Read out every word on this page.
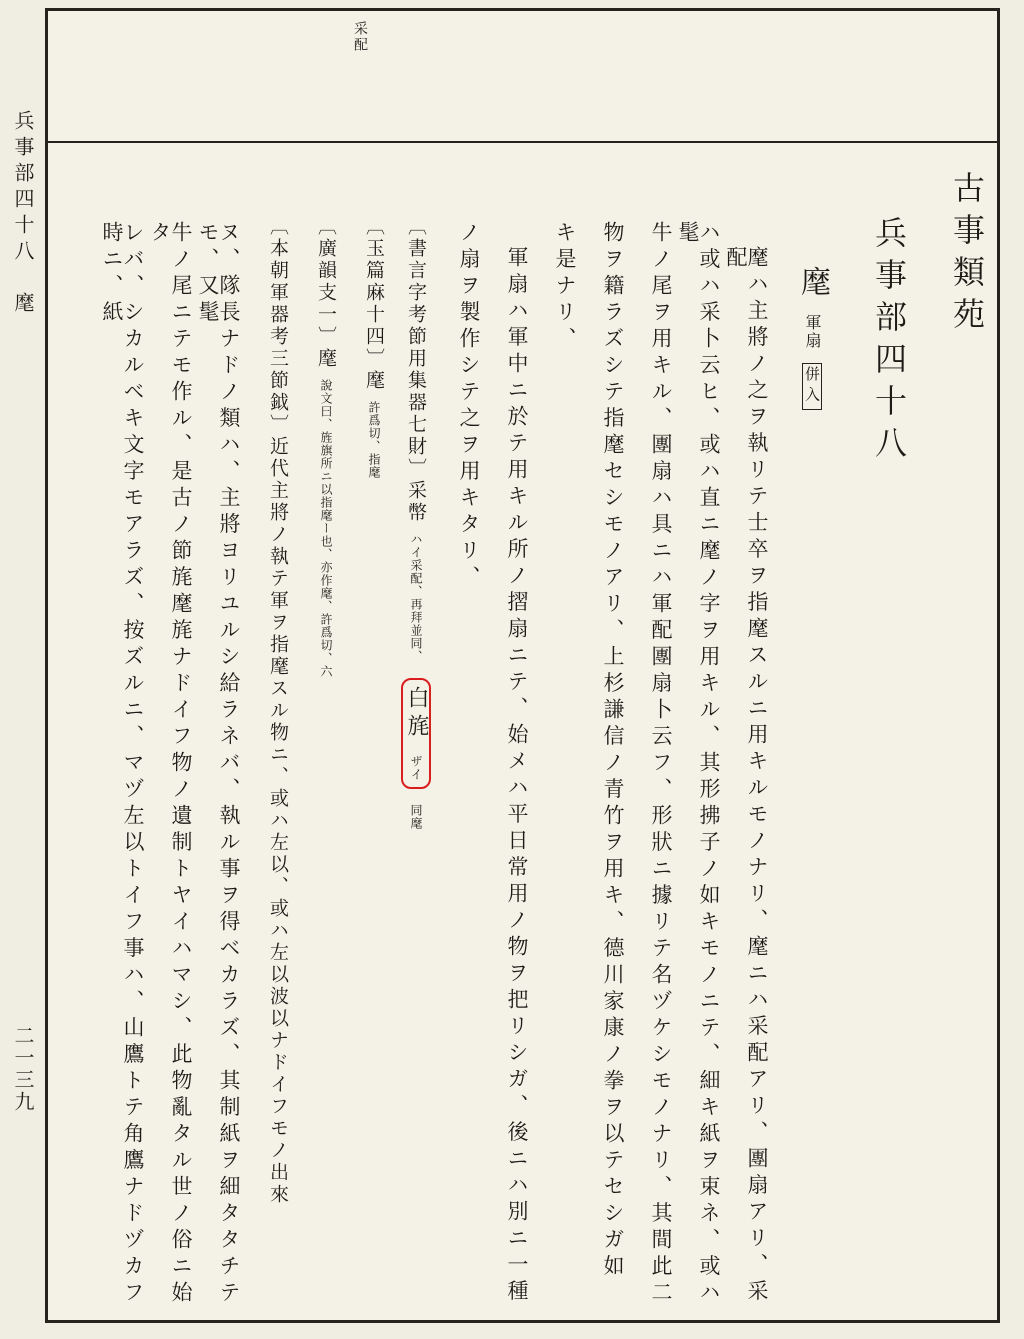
兵事部四十八　麾
二一三九
采配
古事類苑
兵事部四十八
麾 軍扇 併入
麾ハ主將ノ之ヲ執リテ士卒ヲ指麾スルニ用キルモノナリ、麾ニハ采配アリ、團扇アリ、采配
ハ或ハ采卜云ヒ、或ハ直ニ麾ノ字ヲ用キル、其形拂子ノ如キモノニテ、細キ紙ヲ束ネ、或ハ髦
牛ノ尾ヲ用キル、團扇ハ具ニハ軍配團扇卜云フ、形狀ニ據リテ名ヅケシモノナリ、其間此二
物ヲ籍ラズシテ指麾セシモノアリ、上杉謙信ノ青竹ヲ用キ、德川家康ノ拳ヲ以テセシガ如
キ是ナリ、
軍扇ハ軍中ニ於テ用キル所ノ摺扇ニテ、始メハ平日常用ノ物ヲ把リシガ、後ニハ別ニ一種
ノ扇ヲ製作シテ之ヲ用キタリ、
〔書言字考節用集器七財〕采幣 ハイ采配、再拜並同、 白旄 ザイ 同麾
〔玉篇麻十四〕麾 許爲切、指麾
〔廣韻支一〕麾 說文曰、旌旗所ニ以指麾ー也、亦作麾、許爲切、六
〔本朝軍器考三節鉞〕近代主將ノ執テ軍ヲ指麾スル物ニ、或ハ左以、或ハ左以波以ナドイフモノ出來
ヌ、隊長ナドノ類ハ、主將ヨリユルシ給ラネバ、執ル事ヲ得ベカラズ、其制紙ヲ細タタチテモ、又髦
牛ノ尾ニテモ作ル、是古ノ節旄麾旄ナドイフ物ノ遺制トヤイハマシ、此物亂タル世ノ俗ニ始タ
レバ、シカルベキ文字モアラズ、按ズルニ、マヅ左以トイフ事ハ、山鷹トテ角鷹ナドヅカフ時ニ、紙
